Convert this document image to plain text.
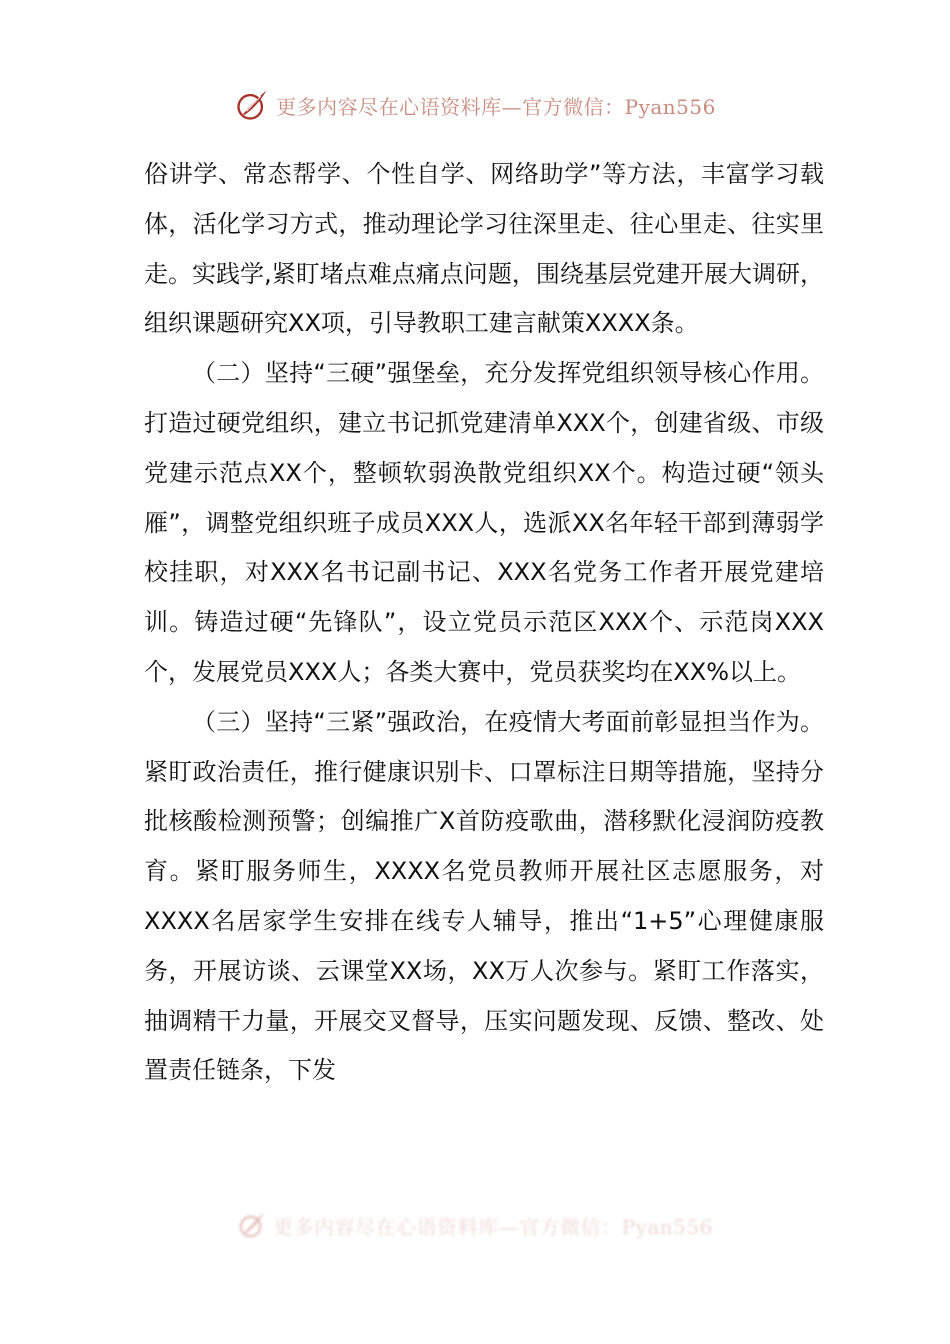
更多内容尽在心语资料库—官方微信：Pyan556

俗讲学、常态帮学、个性自学、网络助学”等方法，丰富学习载体，活化学习方式，推动理论学习往深里走、往心里走、往实里走。实践学,紧盯堵点难点痛点问题，围绕基层党建开展大调研，组织课题研究XX项，引导教职工建言献策XXXX条。

（二）坚持“三硬”强堡垒，充分发挥党组织领导核心作用。打造过硬党组织，建立书记抓党建清单XXX个，创建省级、市级党建示范点XX个，整顿软弱涣散党组织XX个。构造过硬“领头雁”，调整党组织班子成员XXX人，选派XX名年轻干部到薄弱学校挂职，对XXX名书记副书记、XXX名党务工作者开展党建培训。铸造过硬“先锋队”，设立党员示范区XXX个、示范岗XXX个，发展党员XXX人；各类大赛中，党员获奖均在XX%以上。

（三）坚持“三紧”强政治，在疫情大考面前彰显担当作为。紧盯政治责任，推行健康识别卡、口罩标注日期等措施，坚持分批核酸检测预警；创编推广X首防疫歌曲，潜移默化浸润防疫教育。紧盯服务师生，XXXX名党员教师开展社区志愿服务，对XXXX名居家学生安排在线专人辅导，推出“1+5”心理健康服务，开展访谈、云课堂XX场，XX万人次参与。紧盯工作落实，抽调精干力量，开展交叉督导，压实问题发现、反馈、整改、处置责任链条，下发

更多内容尽在心语资料库—官方微信：Pyan556
